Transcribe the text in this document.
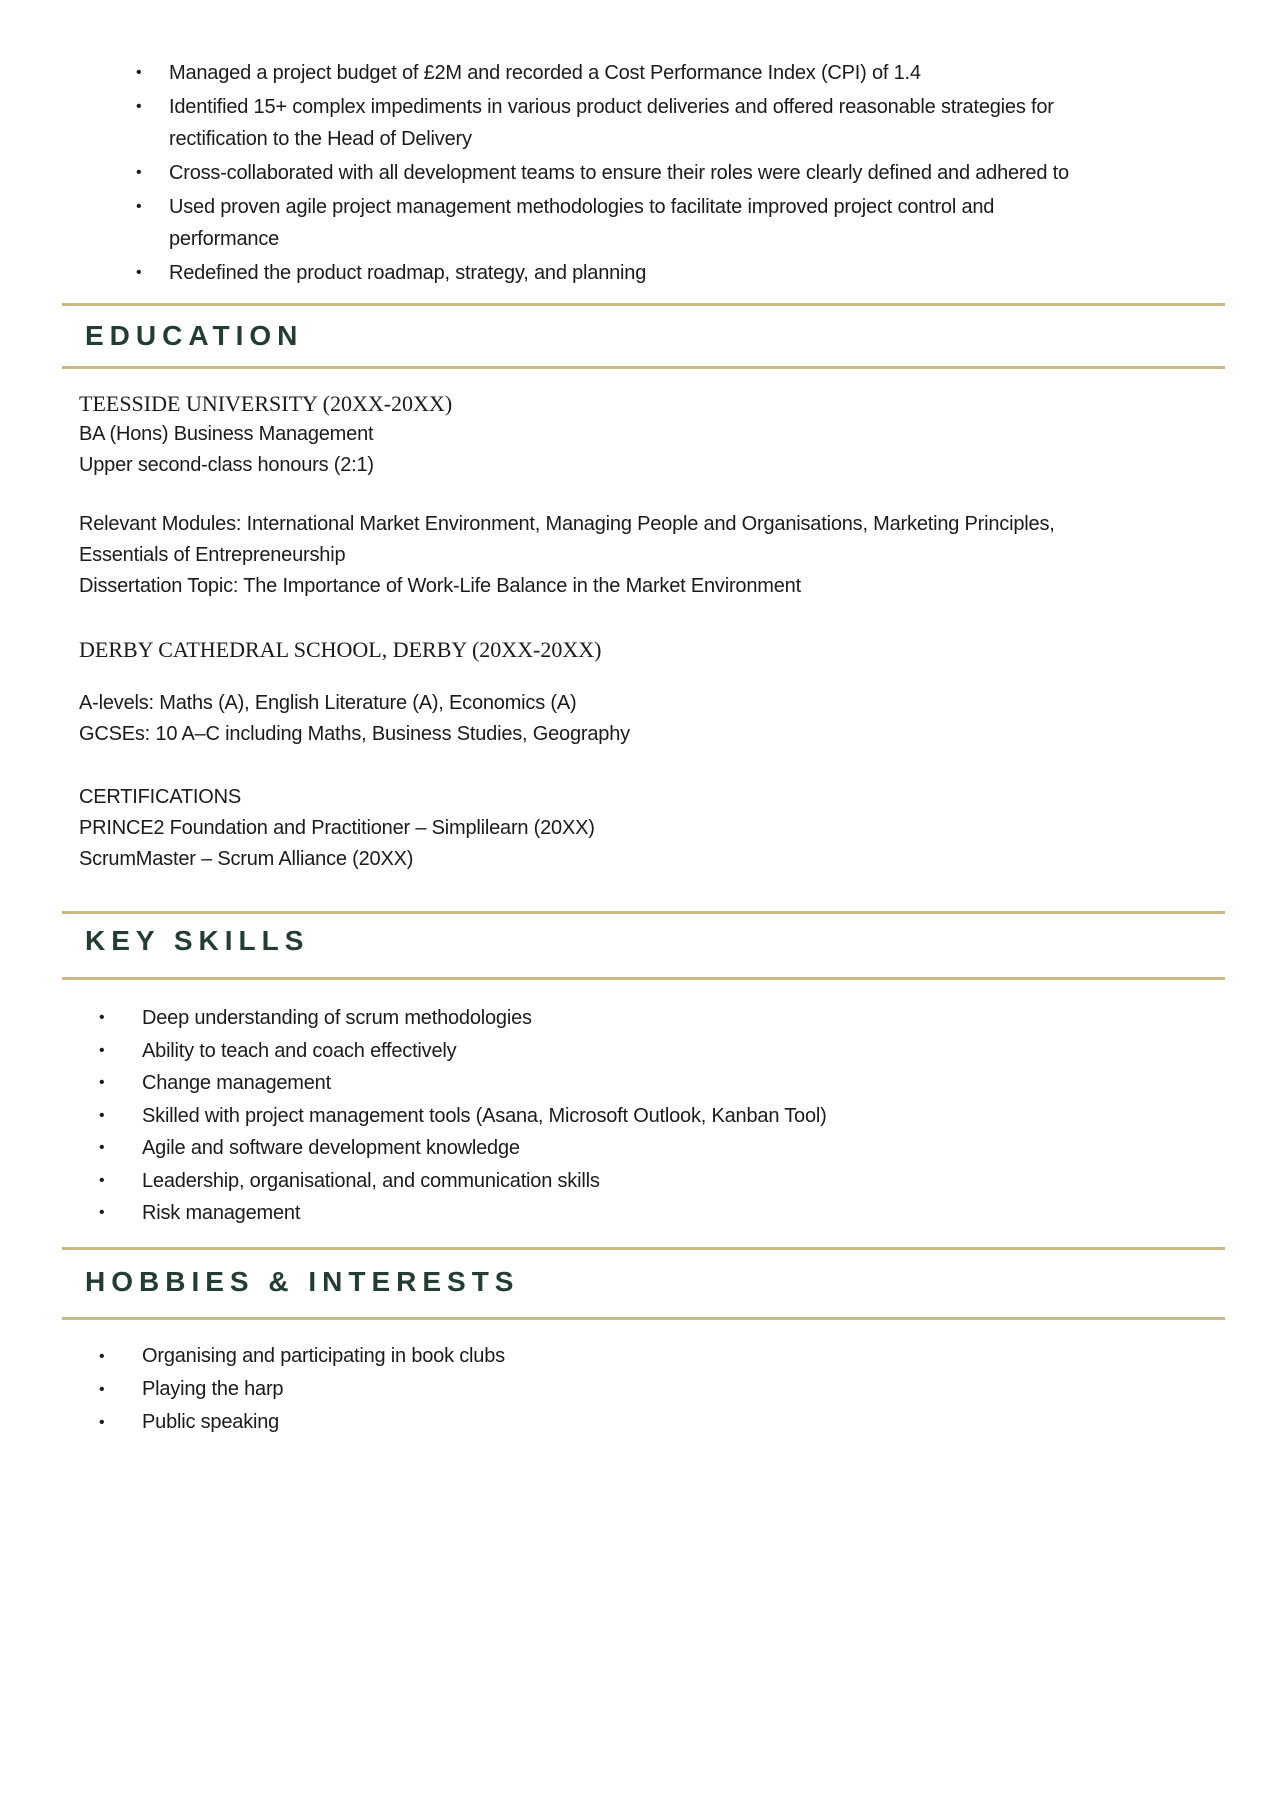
• Managed a project budget of £2M and recorded a Cost Performance Index (CPI) of 1.4
• Identified 15+ complex impediments in various product deliveries and offered reasonable strategies for
rectification to the Head of Delivery
• Cross-collaborated with all development teams to ensure their roles were clearly defined and adhered to
• Used proven agile project management methodologies to facilitate improved project control and
performance
• Redefined the product roadmap, strategy, and planning
EDUCATION
TEESSIDE UNIVERSITY (20XX-20XX)
BA (Hons) Business Management
Upper second-class honours (2:1)
Relevant Modules: International Market Environment, Managing People and Organisations, Marketing Principles,
Essentials of Entrepreneurship
Dissertation Topic: The Importance of Work-Life Balance in the Market Environment
DERBY CATHEDRAL SCHOOL, DERBY (20XX-20XX)
A-levels: Maths (A), English Literature (A), Economics (A)
GCSEs: 10 A–C including Maths, Business Studies, Geography
CERTIFICATIONS
PRINCE2 Foundation and Practitioner – Simplilearn (20XX)
ScrumMaster – Scrum Alliance (20XX)
KEY SKILLS
• Deep understanding of scrum methodologies
• Ability to teach and coach effectively
• Change management
• Skilled with project management tools (Asana, Microsoft Outlook, Kanban Tool)
• Agile and software development knowledge
• Leadership, organisational, and communication skills
• Risk management
HOBBIES & INTERESTS
• Organising and participating in book clubs
• Playing the harp
• Public speaking
